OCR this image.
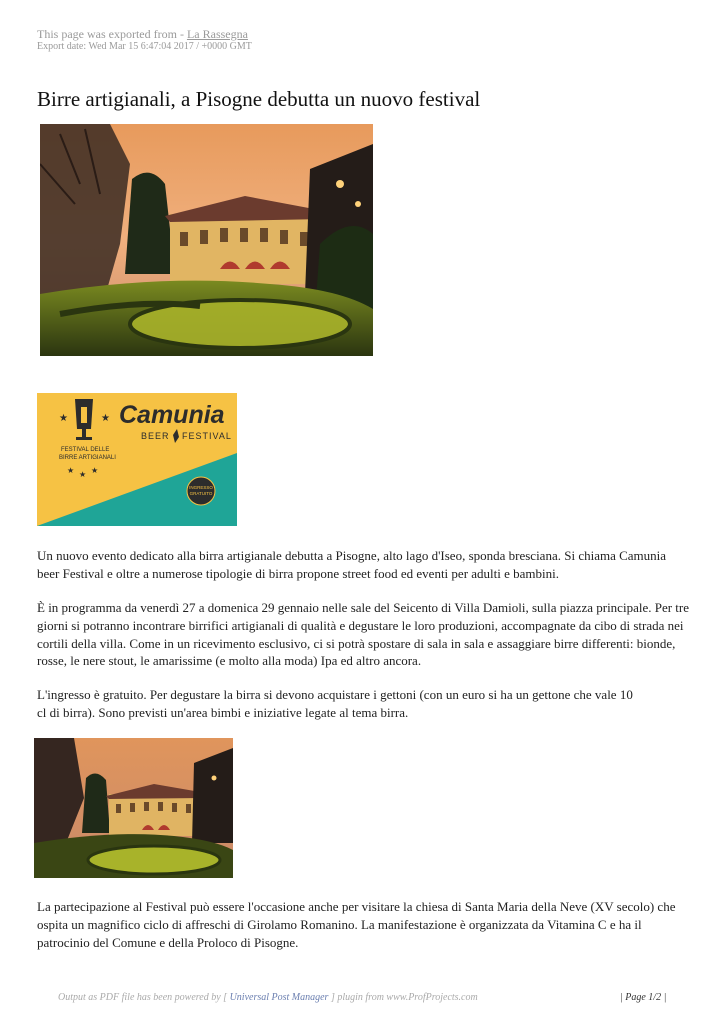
This page was exported from - La Rassegna
Export date: Wed Mar 15 6:47:04 2017 / +0000 GMT
Birre artigianali, a Pisogne debutta un nuovo festival
★	★ Camunia
BEER FESTIVAL
FESTIVAL DELLE
BIRRE ARTIGIANALI
★ ★ ★
INGRESSO
GRATUITO

Un nuovo evento dedicato alla birra artigianale debutta a Pisogne, alto lago d'Iseo, sponda bresciana. Si chiama Camunia beer Festival e oltre a numerose tipologie di birra propone street food ed eventi per adulti e bambini.

È in programma da venerdì 27 a domenica 29 gennaio nelle sale del Seicento di Villa Damioli, sulla piazza principale. Per tre giorni si potranno incontrare birrifici artigianali di qualità e degustare le loro produzioni, accompagnate da cibo di strada nei cortili della villa. Come in un ricevimento esclusivo, ci si potrà spostare di sala in sala e assaggiare birre differenti: bionde, rosse, le nere stout, le amarissime (e molto alla moda) Ipa ed altro ancora.

L'ingresso è gratuito. Per degustare la birra si devono acquistare i gettoni (con un euro si ha un gettone che vale 10 cl di birra). Sono previsti un'area bimbi e iniziative legate al tema birra.

La partecipazione al Festival può essere l'occasione anche per visitare la chiesa di Santa Maria della Neve (XV secolo) che ospita un magnifico ciclo di affreschi di Girolamo Romanino. La manifestazione è organizzata da Vitamina C e ha il patrocinio del Comune e della Proloco di Pisogne.

Output as PDF file has been powered by [ Universal Post Manager ] plugin from www.ProfProjects.com	| Page 1/2 |
